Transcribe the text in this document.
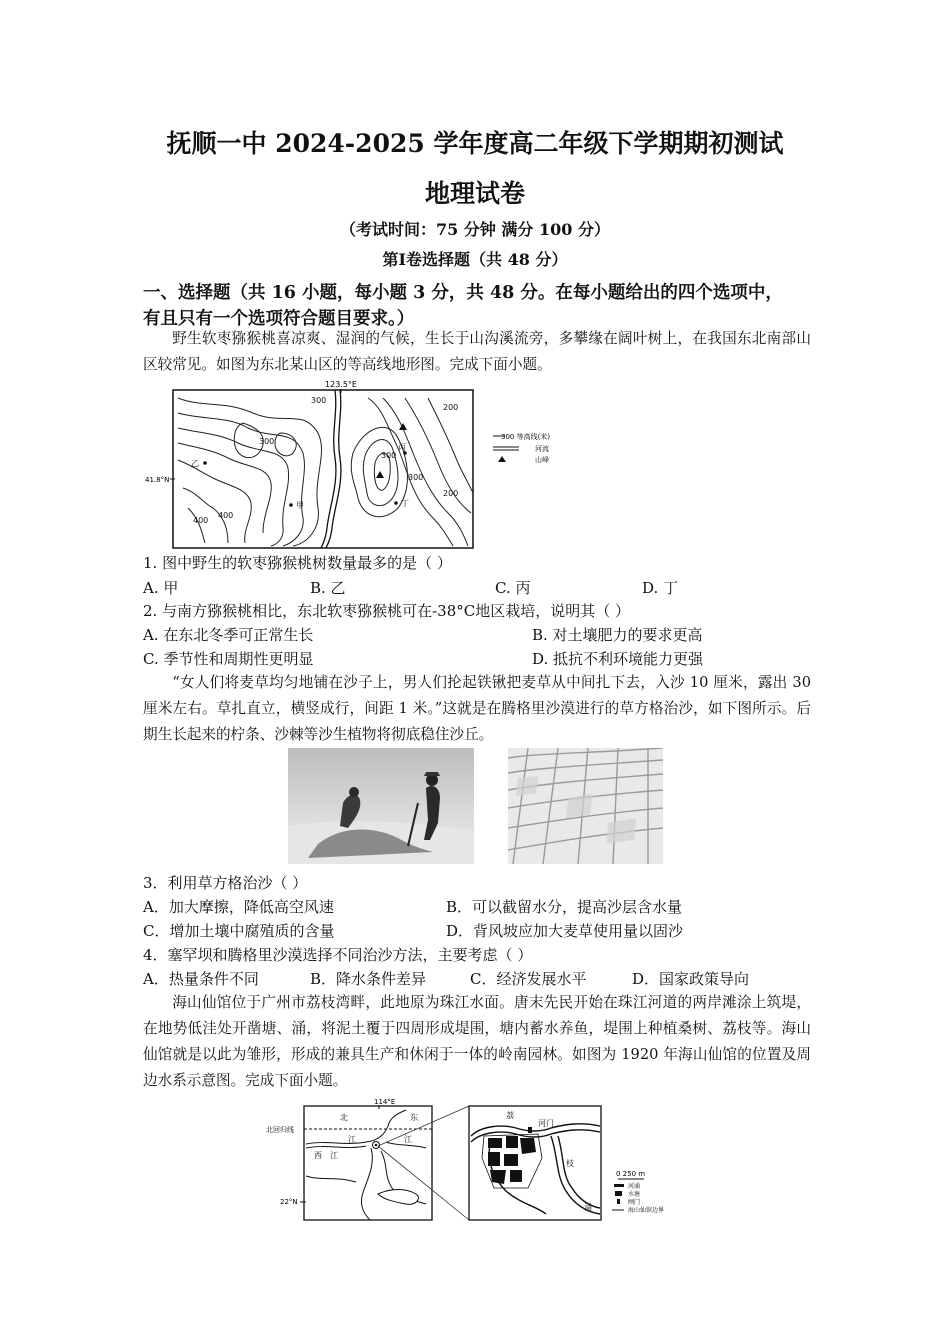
抚顺一中 2024-2025 学年度高二年级下学期期初测试
地理试卷
（考试时间：75 分钟 满分 100 分）
第Ⅰ卷选择题（共 48 分）
一、选择题（共 16 小题，每小题 3 分，共 48 分。在每小题给出的四个选项中，
有且只有一个选项符合题目要求。）
野生软枣猕猴桃喜凉爽、湿润的气候，生长于山沟溪流旁，多攀缘在阔叶树上，在我国东北南部山区较常见。如图为东北某山区的等高线地形图。完成下面小题。
123.5°E
41.8°N
300
300
200
400
300
300
200
400
乙
甲
丙
丁
300 等高线(米)
河流
山峰
1. 图中野生的软枣猕猴桃树数量最多的是（ ）
A. 甲	B. 乙	C. 丙	D. 丁
2. 与南方猕猴桃相比，东北软枣猕猴桃可在-38°C地区栽培，说明其（ ）
A. 在东北冬季可正常生长	B. 对土壤肥力的要求更高
C. 季节性和周期性更明显	D. 抵抗不利环境能力更强
“女人们将麦草均匀地铺在沙子上，男人们抡起铁锹把麦草从中间扎下去，入沙 10 厘米，露出 30 厘米左右。草扎直立，横竖成行，间距 1 米。”这就是在腾格里沙漠进行的草方格治沙，如下图所示。后期生长起来的柠条、沙棘等沙生植物将彻底稳住沙丘。
3．利用草方格治沙（ ）
A．加大摩擦，降低高空风速	B．可以截留水分，提高沙层含水量
C．增加土壤中腐殖质的含量	D．背风坡应加大麦草使用量以固沙
4．塞罕坝和腾格里沙漠选择不同治沙方法，主要考虑（ ）
A．热量条件不同	B．降水条件差异	C．经济发展水平	D．国家政策导向
海山仙馆位于广州市荔枝湾畔，此地原为珠江水面。唐末先民开始在珠江河道的两岸滩涂上筑堤，在地势低洼处开凿塘、涌，将泥土覆于四周形成堤围，塘内蓄水养鱼，堤围上种植桑树、荔枝等。海山仙馆就是以此为雏形，形成的兼具生产和休闲于一体的岭南园林。如图为 1920 年海山仙馆的位置及周边水系示意图。完成下面小题。
114°E
北回归线
22°N
北	东
西
江	江
江
荔
河门
枝
涌
0 250 m
河涌
水塘
闸门
海山仙馆边界
